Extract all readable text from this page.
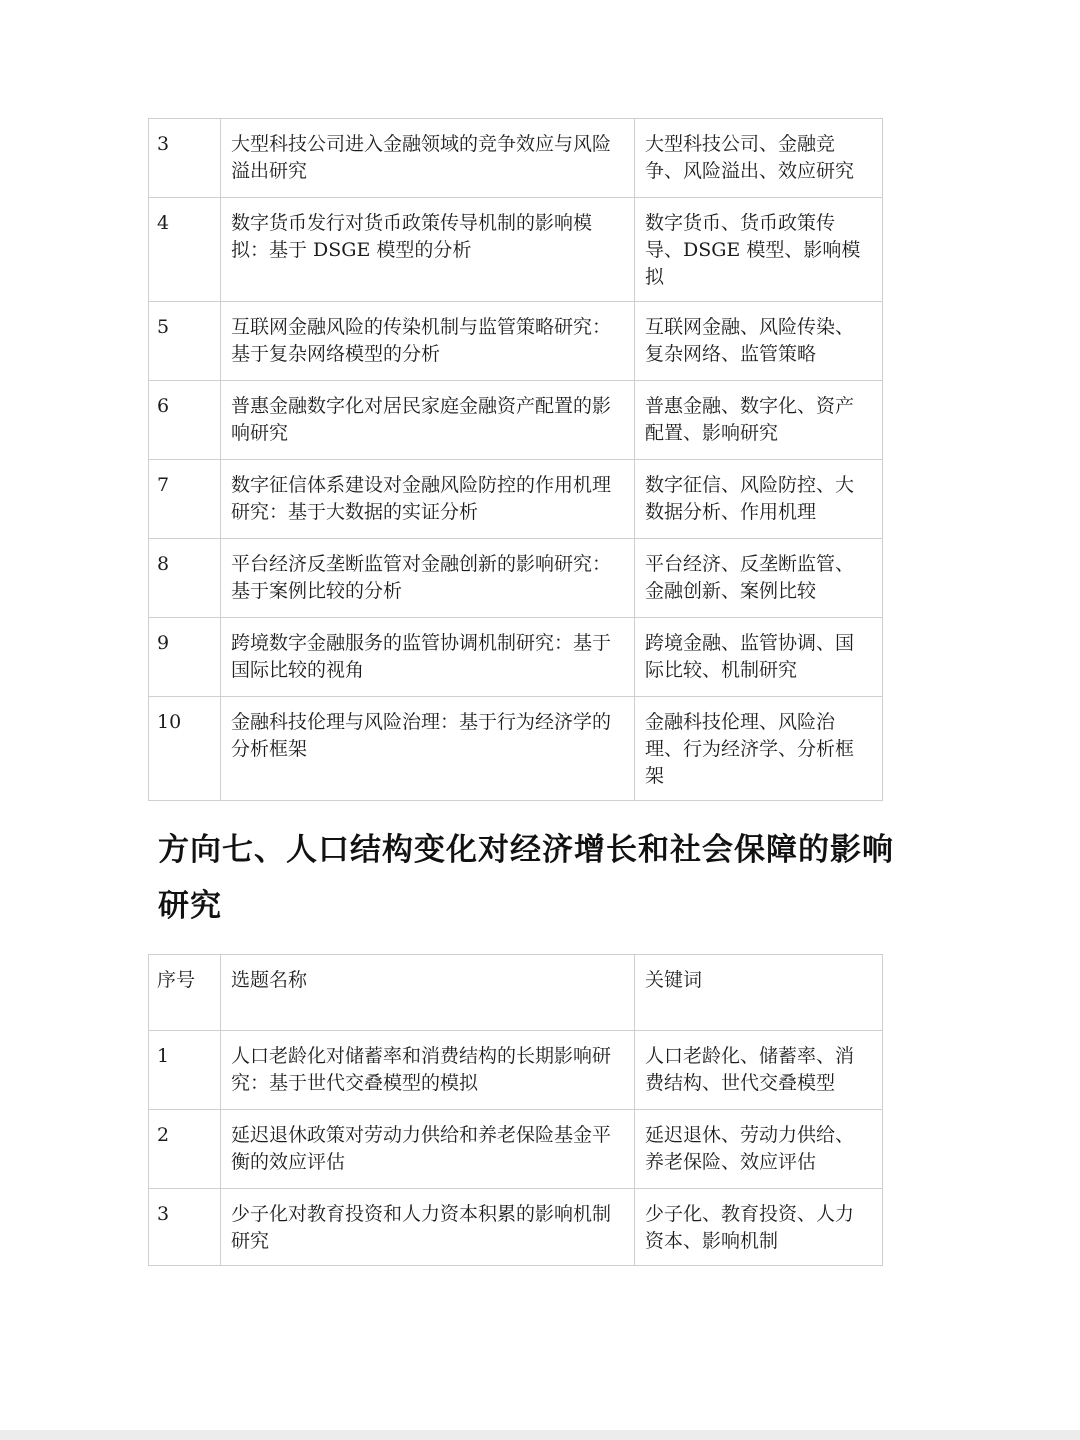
3	大型科技公司进入金融领域的竞争效应与风险溢出研究	大型科技公司、金融竞争、风险溢出、效应研究
4	数字货币发行对货币政策传导机制的影响模拟：基于 DSGE 模型的分析	数字货币、货币政策传导、DSGE 模型、影响模拟
5	互联网金融风险的传染机制与监管策略研究：基于复杂网络模型的分析	互联网金融、风险传染、复杂网络、监管策略
6	普惠金融数字化对居民家庭金融资产配置的影响研究	普惠金融、数字化、资产配置、影响研究
7	数字征信体系建设对金融风险防控的作用机理研究：基于大数据的实证分析	数字征信、风险防控、大数据分析、作用机理
8	平台经济反垄断监管对金融创新的影响研究：基于案例比较的分析	平台经济、反垄断监管、金融创新、案例比较
9	跨境数字金融服务的监管协调机制研究：基于国际比较的视角	跨境金融、监管协调、国际比较、机制研究
10	金融科技伦理与风险治理：基于行为经济学的分析框架	金融科技伦理、风险治理、行为经济学、分析框架
方向七、人口结构变化对经济增长和社会保障的影响研究
序号	选题名称	关键词
1	人口老龄化对储蓄率和消费结构的长期影响研究：基于世代交叠模型的模拟	人口老龄化、储蓄率、消费结构、世代交叠模型
2	延迟退休政策对劳动力供给和养老保险基金平衡的效应评估	延迟退休、劳动力供给、养老保险、效应评估
3	少子化对教育投资和人力资本积累的影响机制研究	少子化、教育投资、人力资本、影响机制
